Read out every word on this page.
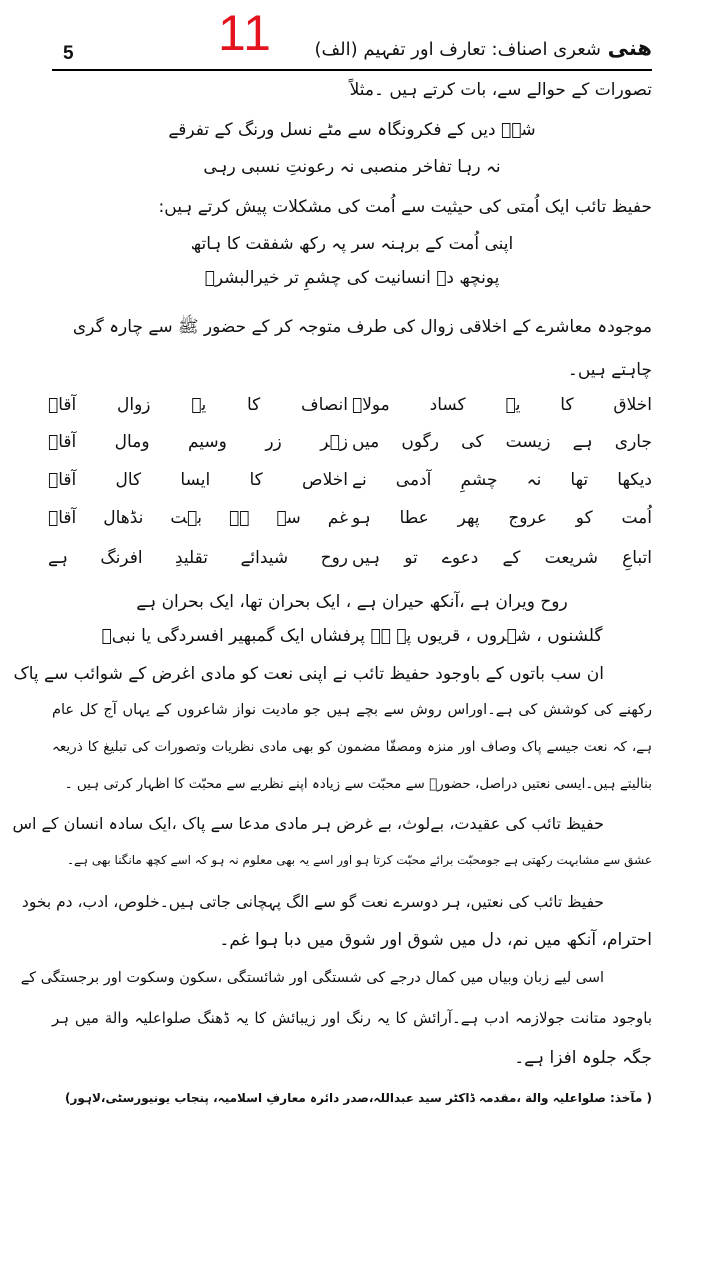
5	11	هنی شعری اصناف: تعارف اور تفہیم (الف)
تصورات کے حوالے سے، بات کرتے ہیں ۔مثلاً
شہؐ دیں کے فکرونگاہ سے مٹے نسل ورنگ کے تفرقے
نہ رہا تفاخر منصبی نہ رعونتِ نسبی رہی
حفیظ تائب ایک اُمتی کی حیثیت سے اُمت کی مشکلات پیش کرتے ہیں:
اپنی اُمت کے برہنہ سر پہ رکھ شفقت کا ہاتھ
پونچھ دے انسانیت کی چشمِ تر خیرالبشرؐ
موجودہ معاشرے کے اخلاقی زوال کی طرف متوجہ کر کے حضور ﷺ سے چارہ گری
چاہتے ہیں۔
اخلاق کا یہ کساد مولاؐ
انصاف کا یہ زوال آقاؐ
جاری ہے زیست کی رگوں میں
زہر زر وسیم ومال آقاؐ
دیکھا تھا نہ چشمِ آدمی نے
اخلاص کا ایسا کال آقاؐ
اُمت کو عروج پھر عطا ہو
غم سے ہے بہت نڈھال آقاؐ
اتباعِ شریعت کے دعوے تو ہیں
روح شیدائے تقلیدِ افرنگ ہے
روح ویران ہے ،آنکھ حیران ہے ، ایک بحران تھا، ایک بحران ہے
گلشنوں ، شہروں ، قریوں پہ ہے پرفشاں ایک گمبھیر افسردگی یا نبیؐ
ان سب باتوں کے باوجود حفیظ تائب نے اپنی نعت کو مادی اغرض کے شوائب سے پاک
رکھنے کی کوشش کی ہے۔اوراس روش سے بچے ہیں جو مادیت نواز شاعروں کے یہاں آج کل عام
ہے، کہ نعت جیسے پاک وصاف اور منزہ ومصفّا مضمون کو بھی مادی نظریات وتصورات کی تبلیغ کا ذریعہ
بنالیتے ہیں۔ایسی نعتیں دراصل، حضورؐ سے محبّت سے زیادہ اپنے نظریے سے محبّت کا اظہار کرتی ہیں ۔
حفیظ تائب کی عقیدت، بےلوث، بے غرض ہر مادی مدعا سے پاک ،ایک سادہ انسان کے اس
عشق سے مشابہت رکھتی ہے جومحبّت برائے محبّت کرتا ہو اور اسے یہ بھی معلوم نہ ہو کہ اسے کچھ مانگنا بھی ہے۔
حفیظ تائب کی نعتیں، ہر دوسرے نعت گو سے الگ پہچانی جاتی ہیں۔خلوص، ادب، دم بخود
احترام، آنکھ میں نم، دل میں شوق اور شوق میں دبا ہوا غم۔
اسی لیے زبان وبیاں میں کمال درجے کی شستگی اور شائستگی ،سکون وسکوت اور برجستگی کے
باوجود متانت جولازمہ ادب ہے۔آرائش کا یہ رنگ اور زیبائش کا یہ ڈھنگ صلواعلیہ والة میں ہر
جگہ جلوہ افزا ہے۔
( مآخذ: صلواعلیہ والة ،مقدمہ ڈاکٹر سید عبداللہ،صدر دائرہ معارفِ اسلامیہ، پنجاب یونیورسٹی،لاہور)
